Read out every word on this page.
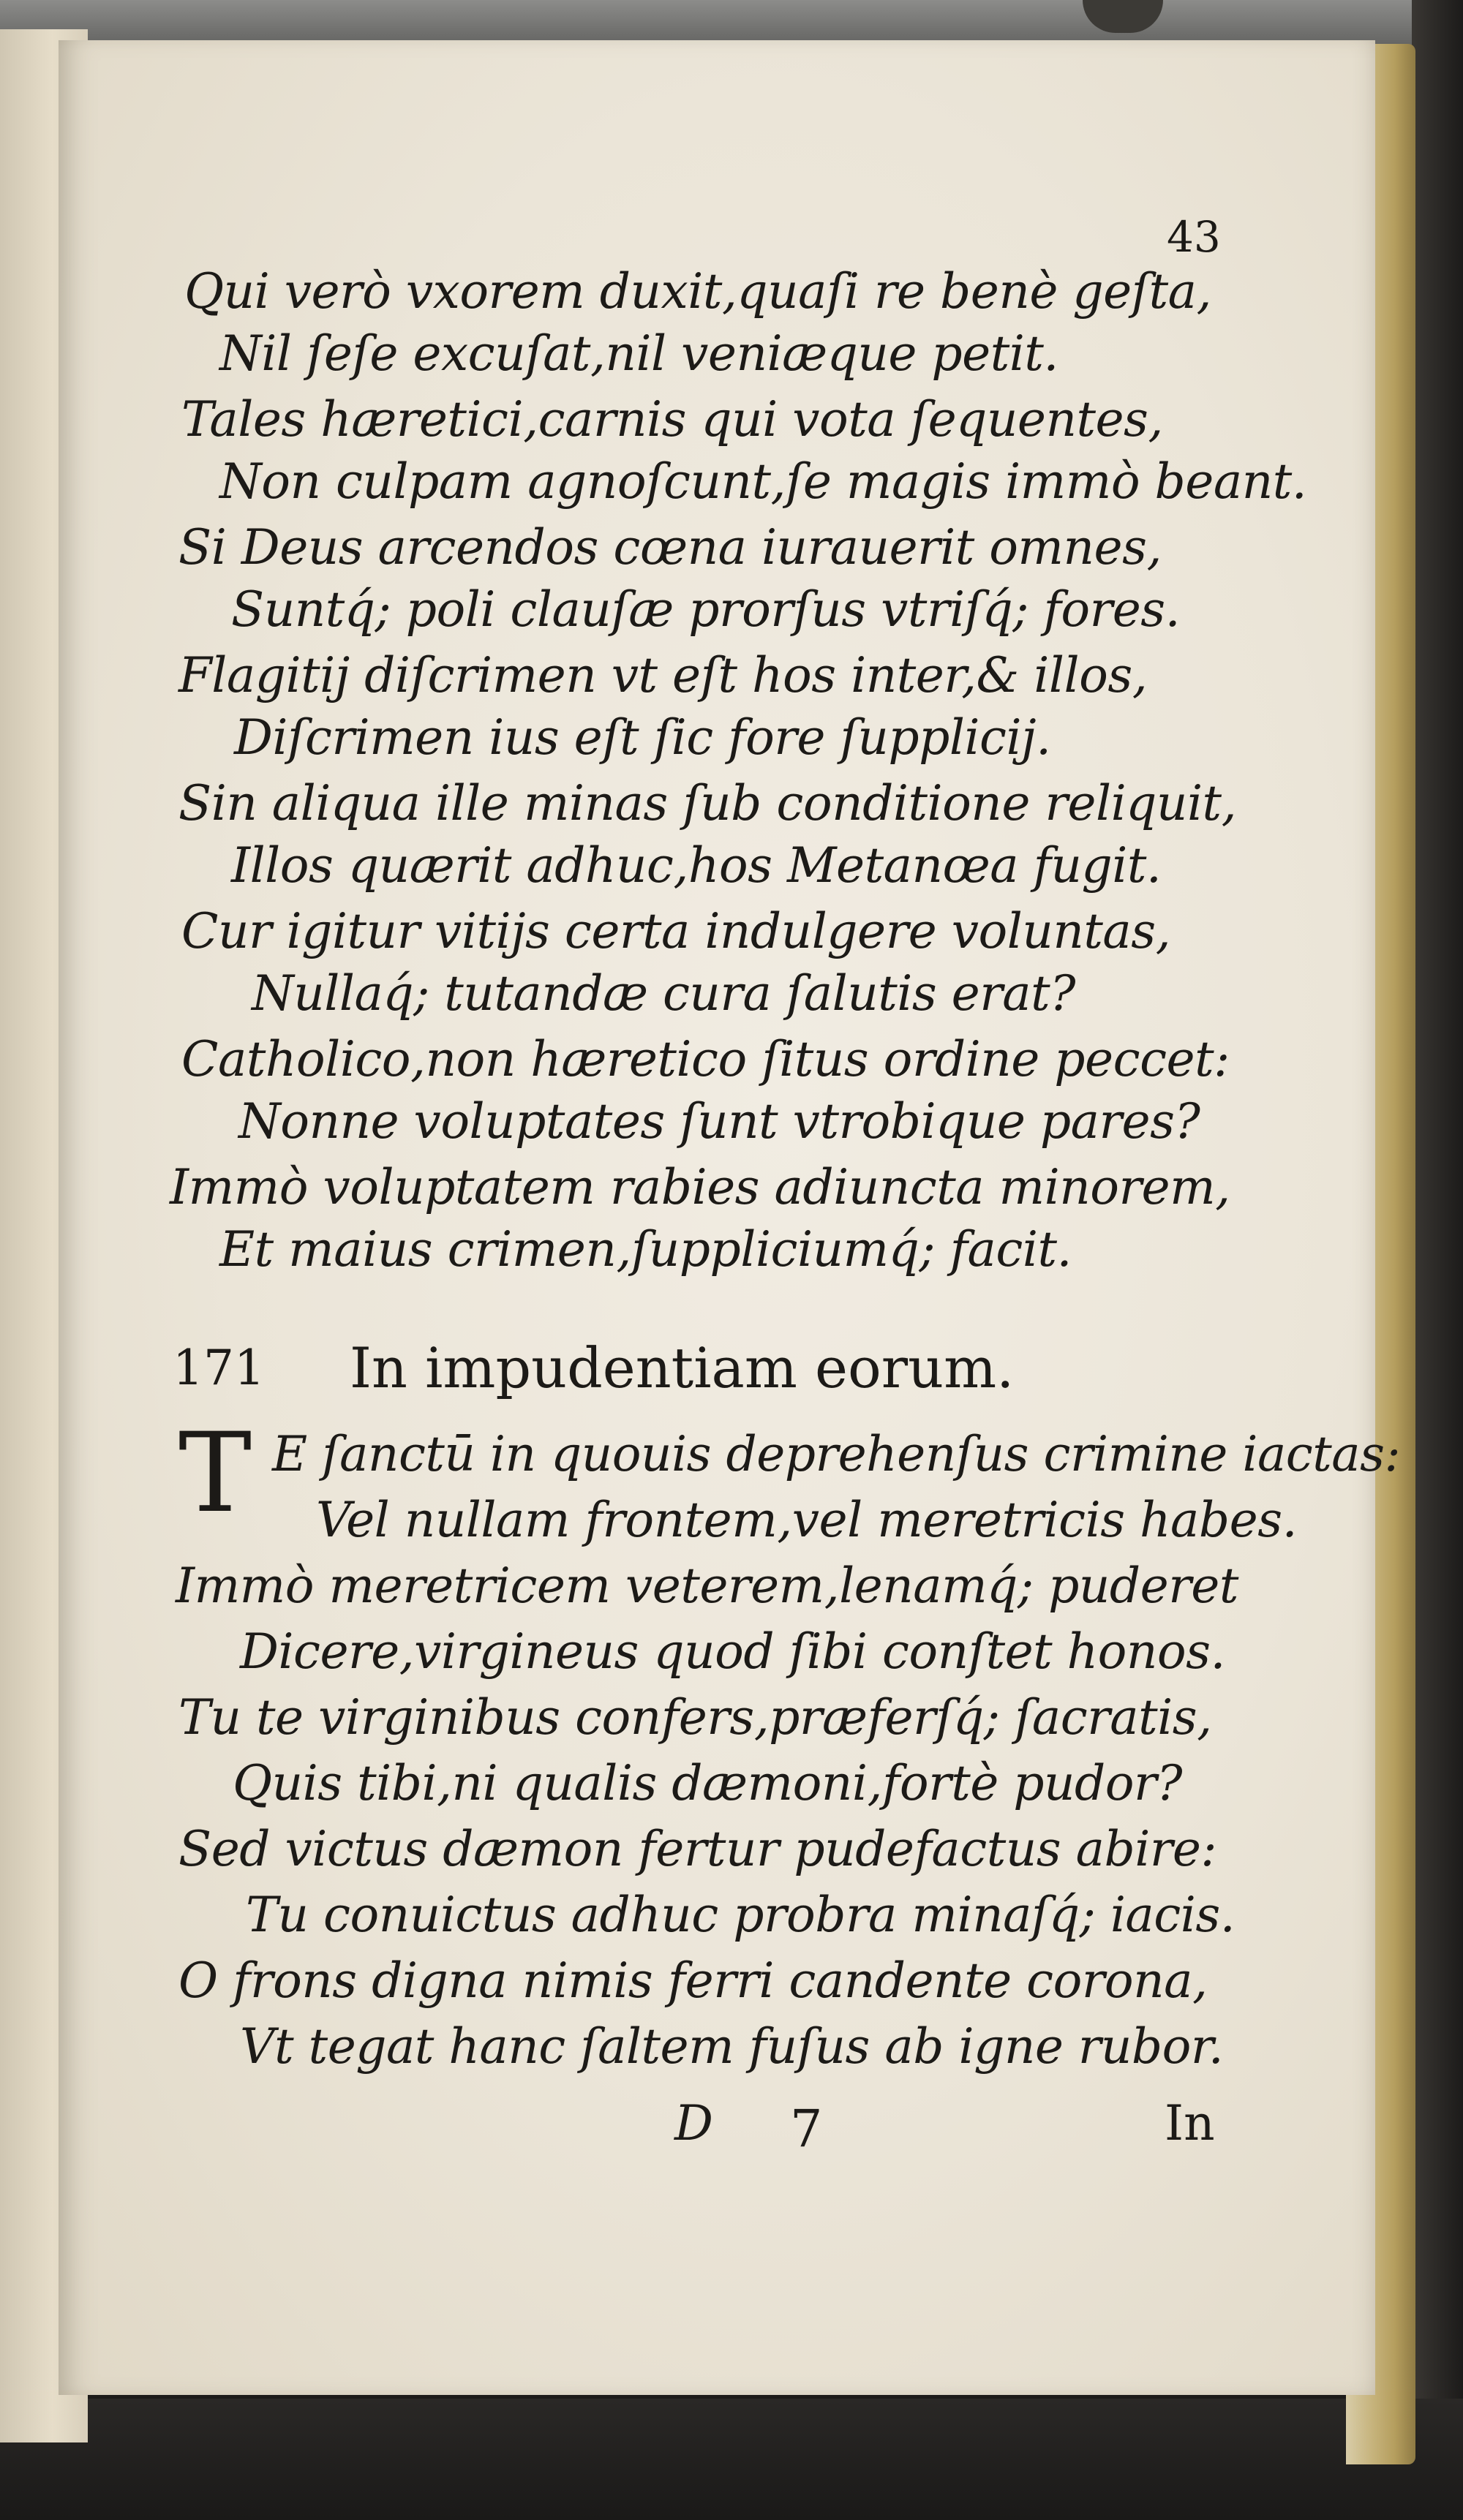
43
Qui verò vxorem duxit,quaſi re benè geſta,
Nil ſeſe excuſat,nil veniæque petit.
Tales hæretici,carnis qui vota ſequentes,
Non culpam agnoſcunt,ſe magis immò beant.
Si Deus arcendos cœna iurauerit omnes,
Suntq́; poli clauſæ prorſus vtriſq́; fores.
Flagitij diſcrimen vt eſt hos inter,& illos,
Diſcrimen ius eſt ſic fore ſupplicij.
Sin aliqua ille minas ſub conditione reliquit,
Illos quærit adhuc,hos Metanœa fugit.
Cur igitur vitijs certa indulgere voluntas,
Nullaq́; tutandæ cura ſalutis erat?
Catholico,non hæretico ſitus ordine peccet:
Nonne voluptates ſunt vtrobique pares?
Immò voluptatem rabies adiuncta minorem,
Et maius crimen,ſuppliciumq́; facit.
171 In impudentiam eorum.
T E ſanctū in quouis deprehenſus crimine iactas:
Vel nullam frontem,vel meretricis habes.
Immò meretricem veterem,lenamq́; puderet
Dicere,virgineus quod ſibi conſtet honos.
Tu te virginibus confers,præferſq́; ſacratis,
Quis tibi,ni qualis dæmoni,fortè pudor?
Sed victus dæmon fertur pudefactus abire:
Tu conuictus adhuc probra minaſq́; iacis.
O frons digna nimis ferri candente corona,
Vt tegat hanc ſaltem fuſus ab igne rubor.
D 7	In
